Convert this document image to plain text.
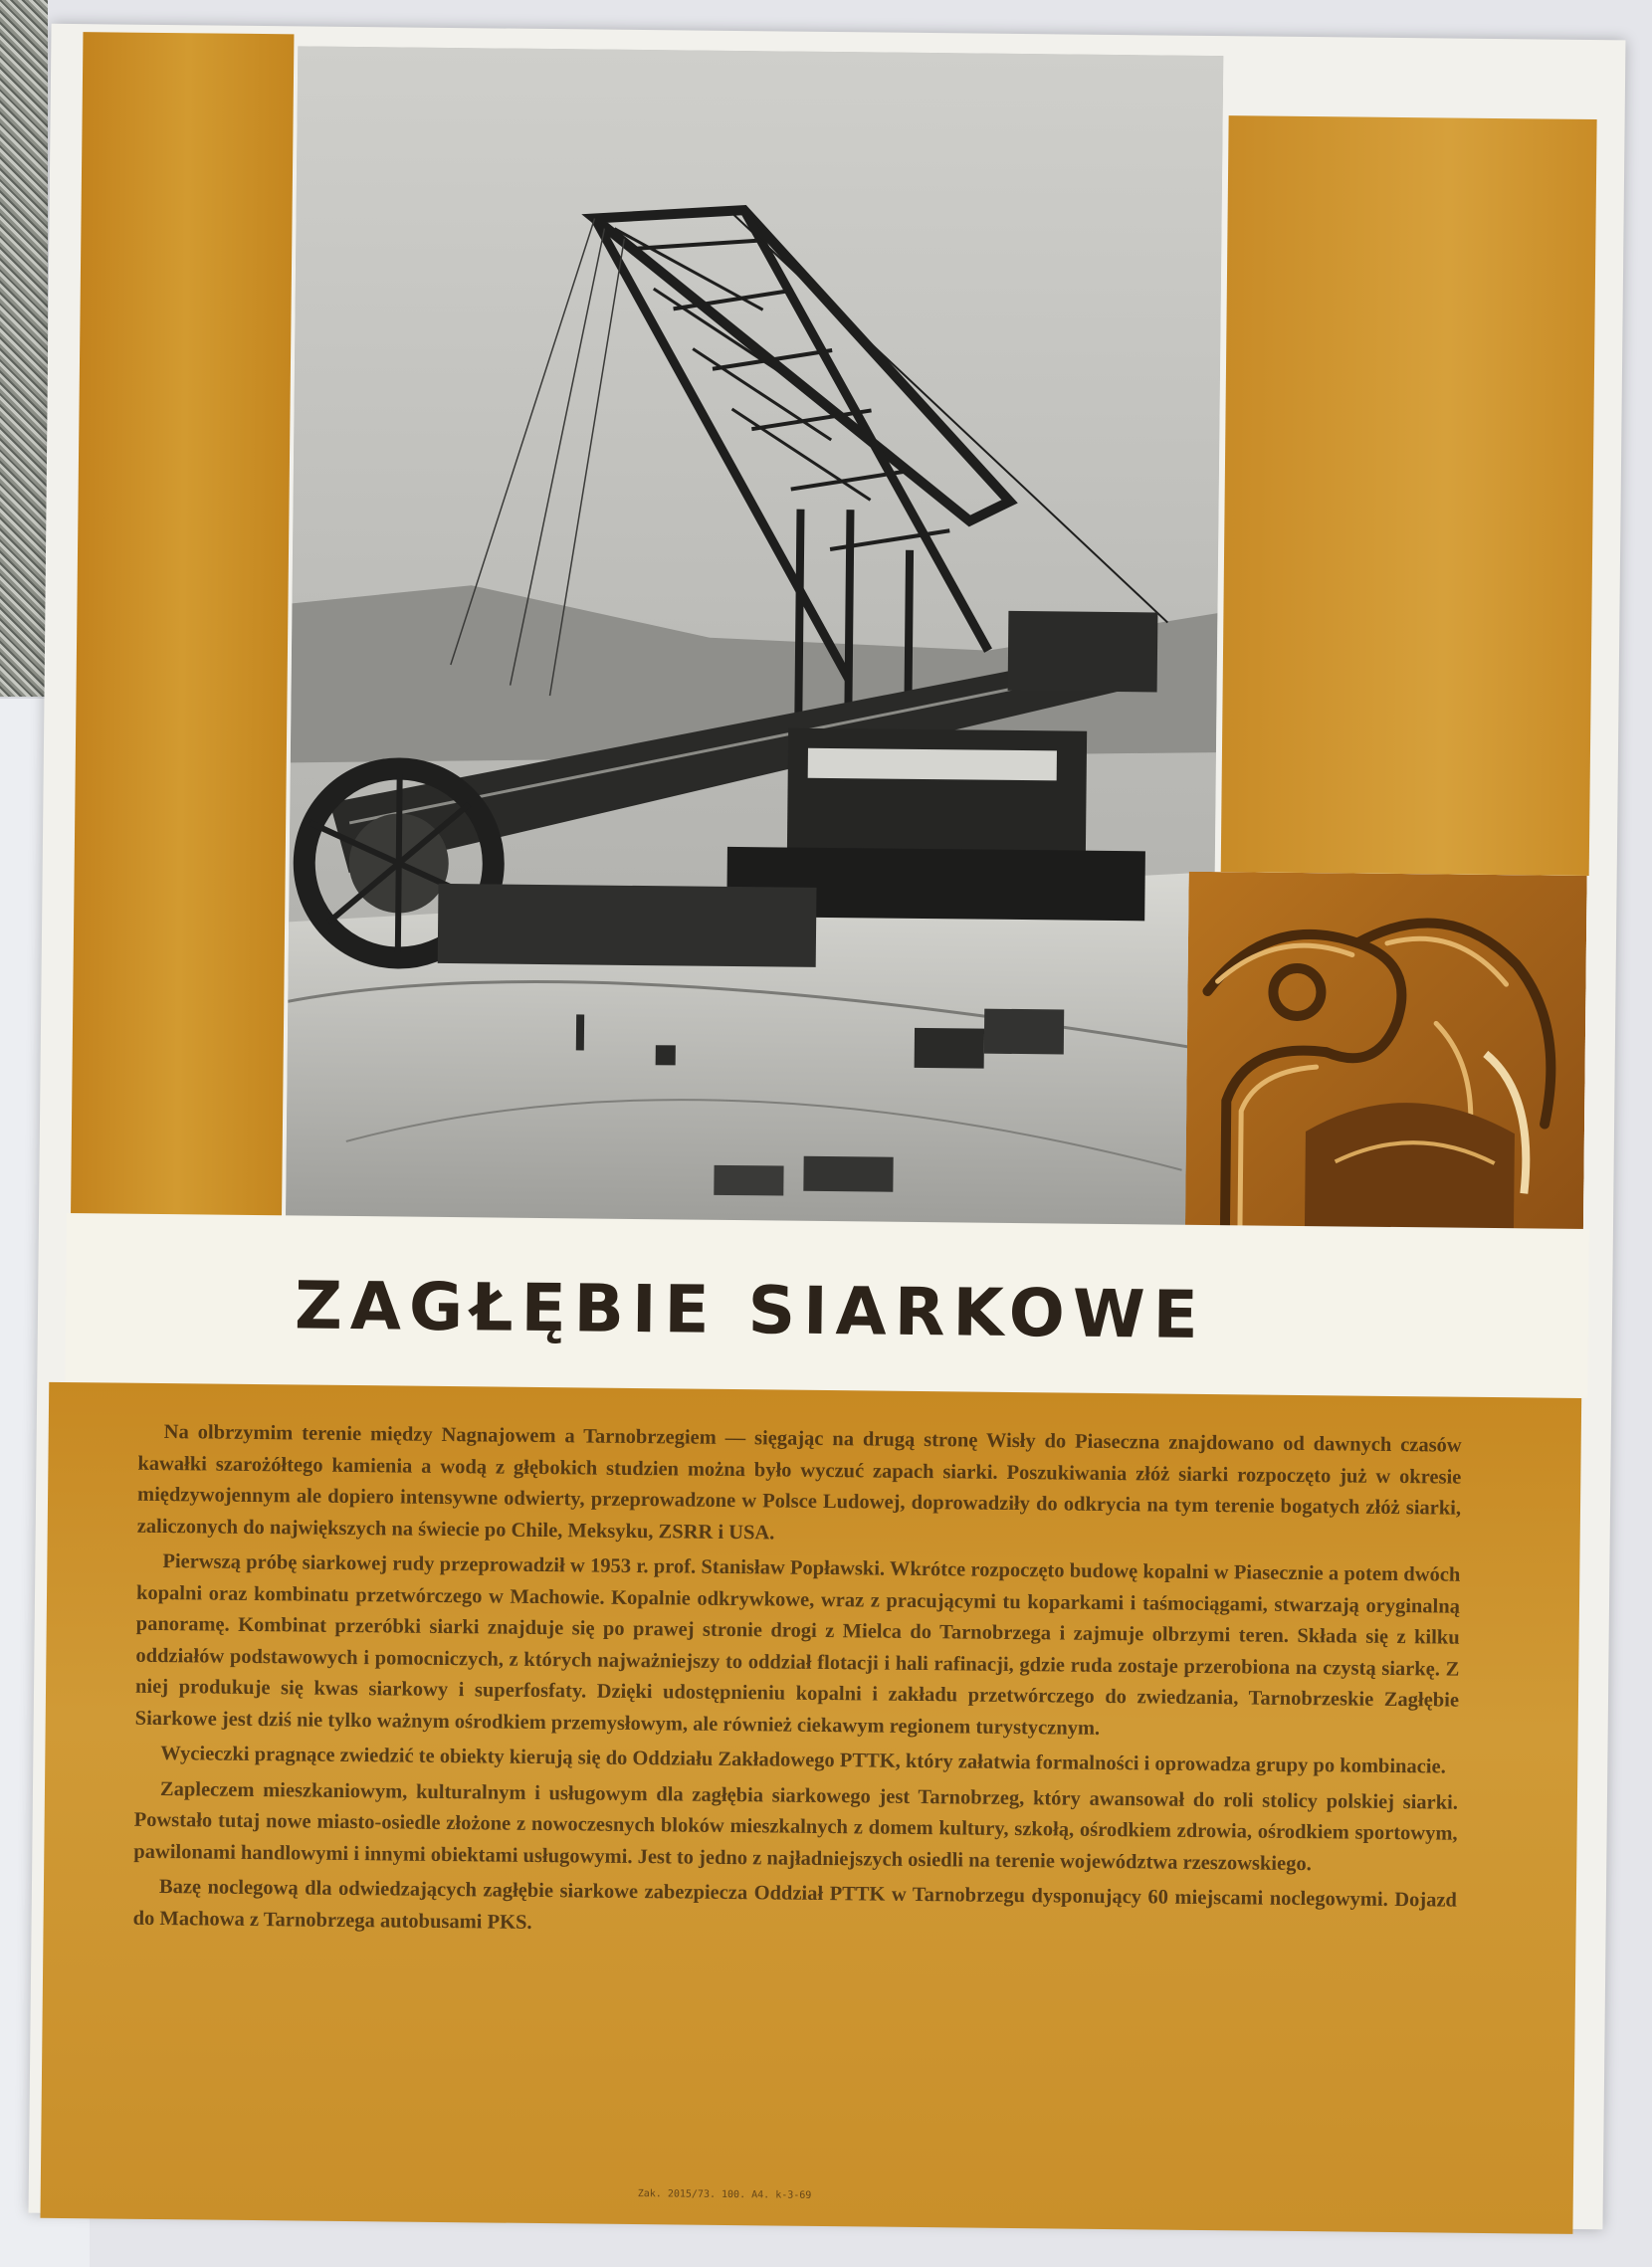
ZAGŁĘBIE SIARKOWE

Na olbrzymim terenie między Nagnajowem a Tarnobrzegiem — sięgając na drugą stronę Wisły do Piaseczna znajdowano od dawnych czasów kawałki szarożółtego kamienia a wodą z głębokich studzien można było wyczuć zapach siarki. Poszukiwania złóż siarki rozpoczęto już w okresie międzywojennym ale dopiero intensywne odwierty, przeprowadzone w Polsce Ludowej, doprowadziły do odkrycia na tym terenie bogatych złóż siarki, zaliczonych do największych na świecie po Chile, Meksyku, ZSRR i USA.

Pierwszą próbę siarkowej rudy przeprowadził w 1953 r. prof. Stanisław Popławski. Wkrótce rozpoczęto budowę kopalni w Piasecznie a potem dwóch kopalni oraz kombinatu przetwórczego w Machowie. Kopalnie odkrywkowe, wraz z pracującymi tu koparkami i taśmociągami, stwarzają oryginalną panoramę. Kombinat przeróbki siarki znajduje się po prawej stronie drogi z Mielca do Tarnobrzega i zajmuje olbrzymi teren. Składa się z kilku oddziałów podstawowych i pomocniczych, z których najważniejszy to oddział flotacji i hali rafinacji, gdzie ruda zostaje przerobiona na czystą siarkę. Z niej produkuje się kwas siarkowy i superfosfaty. Dzięki udostępnieniu kopalni i zakładu przetwórczego do zwiedzania, Tarnobrzeskie Zagłębie Siarkowe jest dziś nie tylko ważnym ośrodkiem przemysłowym, ale również ciekawym regionem turystycznym.

Wycieczki pragnące zwiedzić te obiekty kierują się do Oddziału Zakładowego PTTK, który załatwia formalności i oprowadza grupy po kombinacie.

Zapleczem mieszkaniowym, kulturalnym i usługowym dla zagłębia siarkowego jest Tarnobrzeg, który awansował do roli stolicy polskiej siarki. Powstało tutaj nowe miasto-osiedle złożone z nowoczesnych bloków mieszkalnych z domem kultury, szkołą, ośrodkiem zdrowia, ośrodkiem sportowym, pawilonami handlowymi i innymi obiektami usługowymi. Jest to jedno z najładniejszych osiedli na terenie województwa rzeszowskiego.

Bazę noclegową dla odwiedzających zagłębie siarkowe zabezpiecza Oddział PTTK w Tarnobrzegu dysponujący 60 miejscami noclegowymi. Dojazd do Machowa z Tarnobrzega autobusami PKS.

Zak. 2015/73. 100. A4. k-3-69
